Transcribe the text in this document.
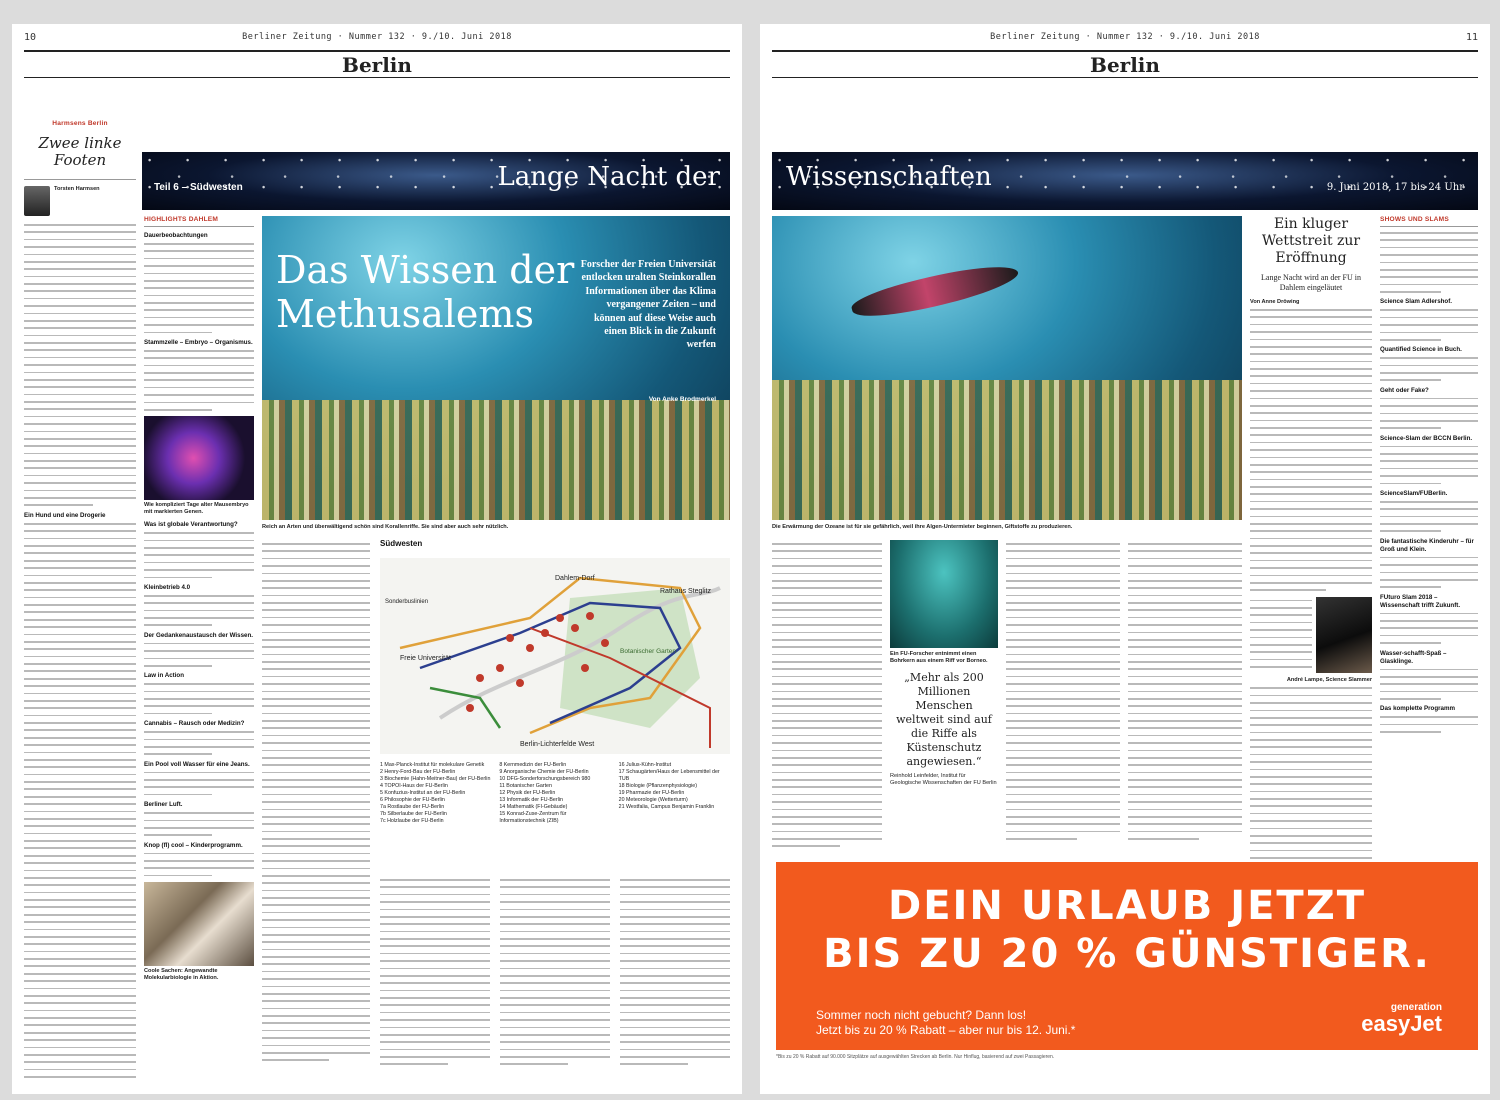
10	Berliner Zeitung · Nummer 132 · 9./10. Juni 2018
Berlin
Harmsens Berlin
Zwee linke Footen
Torsten Harmsen
Ein Hund und eine Drogerie
Teil 6 – Südwesten	Lange Nacht der
HIGHLIGHTS DAHLEM
Dauerbeobachtungen
Stammzelle – Embryo – Organismus.
Wie kompliziert Tage alter Mausembryo mit markierten Genen.
Was ist globale Verantwortung?
Kleinbetrieb 4.0
Der Gedankenaustausch der Wissen.
Law in Action
Cannabis – Rausch oder Medizin?
Ein Pool voll Wasser für eine Jeans.
Berliner Luft.
Knop (fl) cool – Kinderprogramm.
Coole Sachen: Angewandte Molekularbiologie in Aktion.
Das Wissen der Methusalems
Forscher der Freien Universität entlocken uralten Steinkorallen Informationen über das Klima vergangener Zeiten – und können auf diese Weise auch einen Blick in die Zukunft werfen
Von Anke Brodmerkel
Reich an Arten und überwältigend schön sind Korallenriffe. Sie sind aber auch sehr nützlich.
Südwesten
Dahlem-Dorf
Rathaus Steglitz
Botanischer Garten
Freie Universität
Berlin-Lichterfelde West
Sonderbuslinien
1 Max-Planck-Institut für molekulare Genetik
2 Henry-Ford-Bau der FU-Berlin
3 Biochemie (Hahn-Meitner-Bau) der FU-Berlin
4 TOPOI-Haus der FU-Berlin
5 Konfuzius-Institut an der FU-Berlin
6 Philosophie der FU-Berlin
7a Rostlaube der FU-Berlin
7b Silberlaube der FU-Berlin
7c Holzlaube der FU-Berlin
8 Kernmedizin der FU-Berlin
9 Anorganische Chemie der FU-Berlin
10 DFG-Sonderforschungsbereich 980
11 Botanischer Garten
12 Physik der FU-Berlin
13 Informatik der FU-Berlin
14 Mathematik (FI-Gebäude)
15 Konrad-Zuse-Zentrum für Informationstechnik (ZIB)
16 Julius-Kühn-Institut
17 Schaugärten/Haus der Lebensmittel der TUB
18 Biologie (Pflanzenphysiologie)
19 Pharmazie der FU-Berlin
20 Meteorologie (Wetterturm)
21 Westfalia, Campus Benjamin Franklin
Berliner Zeitung · Nummer 132 · 9./10. Juni 2018	11
Berlin
Wissenschaften	9. Juni 2018, 17 bis 24 Uhr
Die Erwärmung der Ozeane ist für sie gefährlich, weil ihre Algen-Untermieter beginnen, Giftstoffe zu produzieren.
Ein kluger Wettstreit zur Eröffnung
Lange Nacht wird an der FU in Dahlem eingeläutet
Von Anne Dröwing
André Lampe, Science Slammer
SHOWS UND SLAMS
Science Slam Adlershof.
Quantified Science in Buch.
Geht oder Fake?
Science-Slam der BCCN Berlin.
ScienceSlam/FUBerlin.
Die fantastische Kinderuhr – für Groß und Klein.
FUturo Slam 2018 – Wissenschaft trifft Zukunft.
Wasser-schafft-Spaß – Glasklinge.
Das komplette Programm
Ein FU-Forscher entnimmt einen Bohrkern aus einem Riff vor Borneo.
„Mehr als 200 Millionen Menschen weltweit sind auf die Riffe als Küstenschutz angewiesen.“
Reinhold Leinfelder, Institut für Geologische Wissenschaften der FU Berlin
DEIN URLAUB JETZT
BIS ZU 20 % GÜNSTIGER.
Sommer noch nicht gebucht? Dann los!
Jetzt bis zu 20 % Rabatt – aber nur bis 12. Juni.*
generation
easyJet
*Bis zu 20 % Rabatt auf 90.000 Sitzplätze auf ausgewählten Strecken ab Berlin. Nur Hinflug, basierend auf zwei Passagieren.
